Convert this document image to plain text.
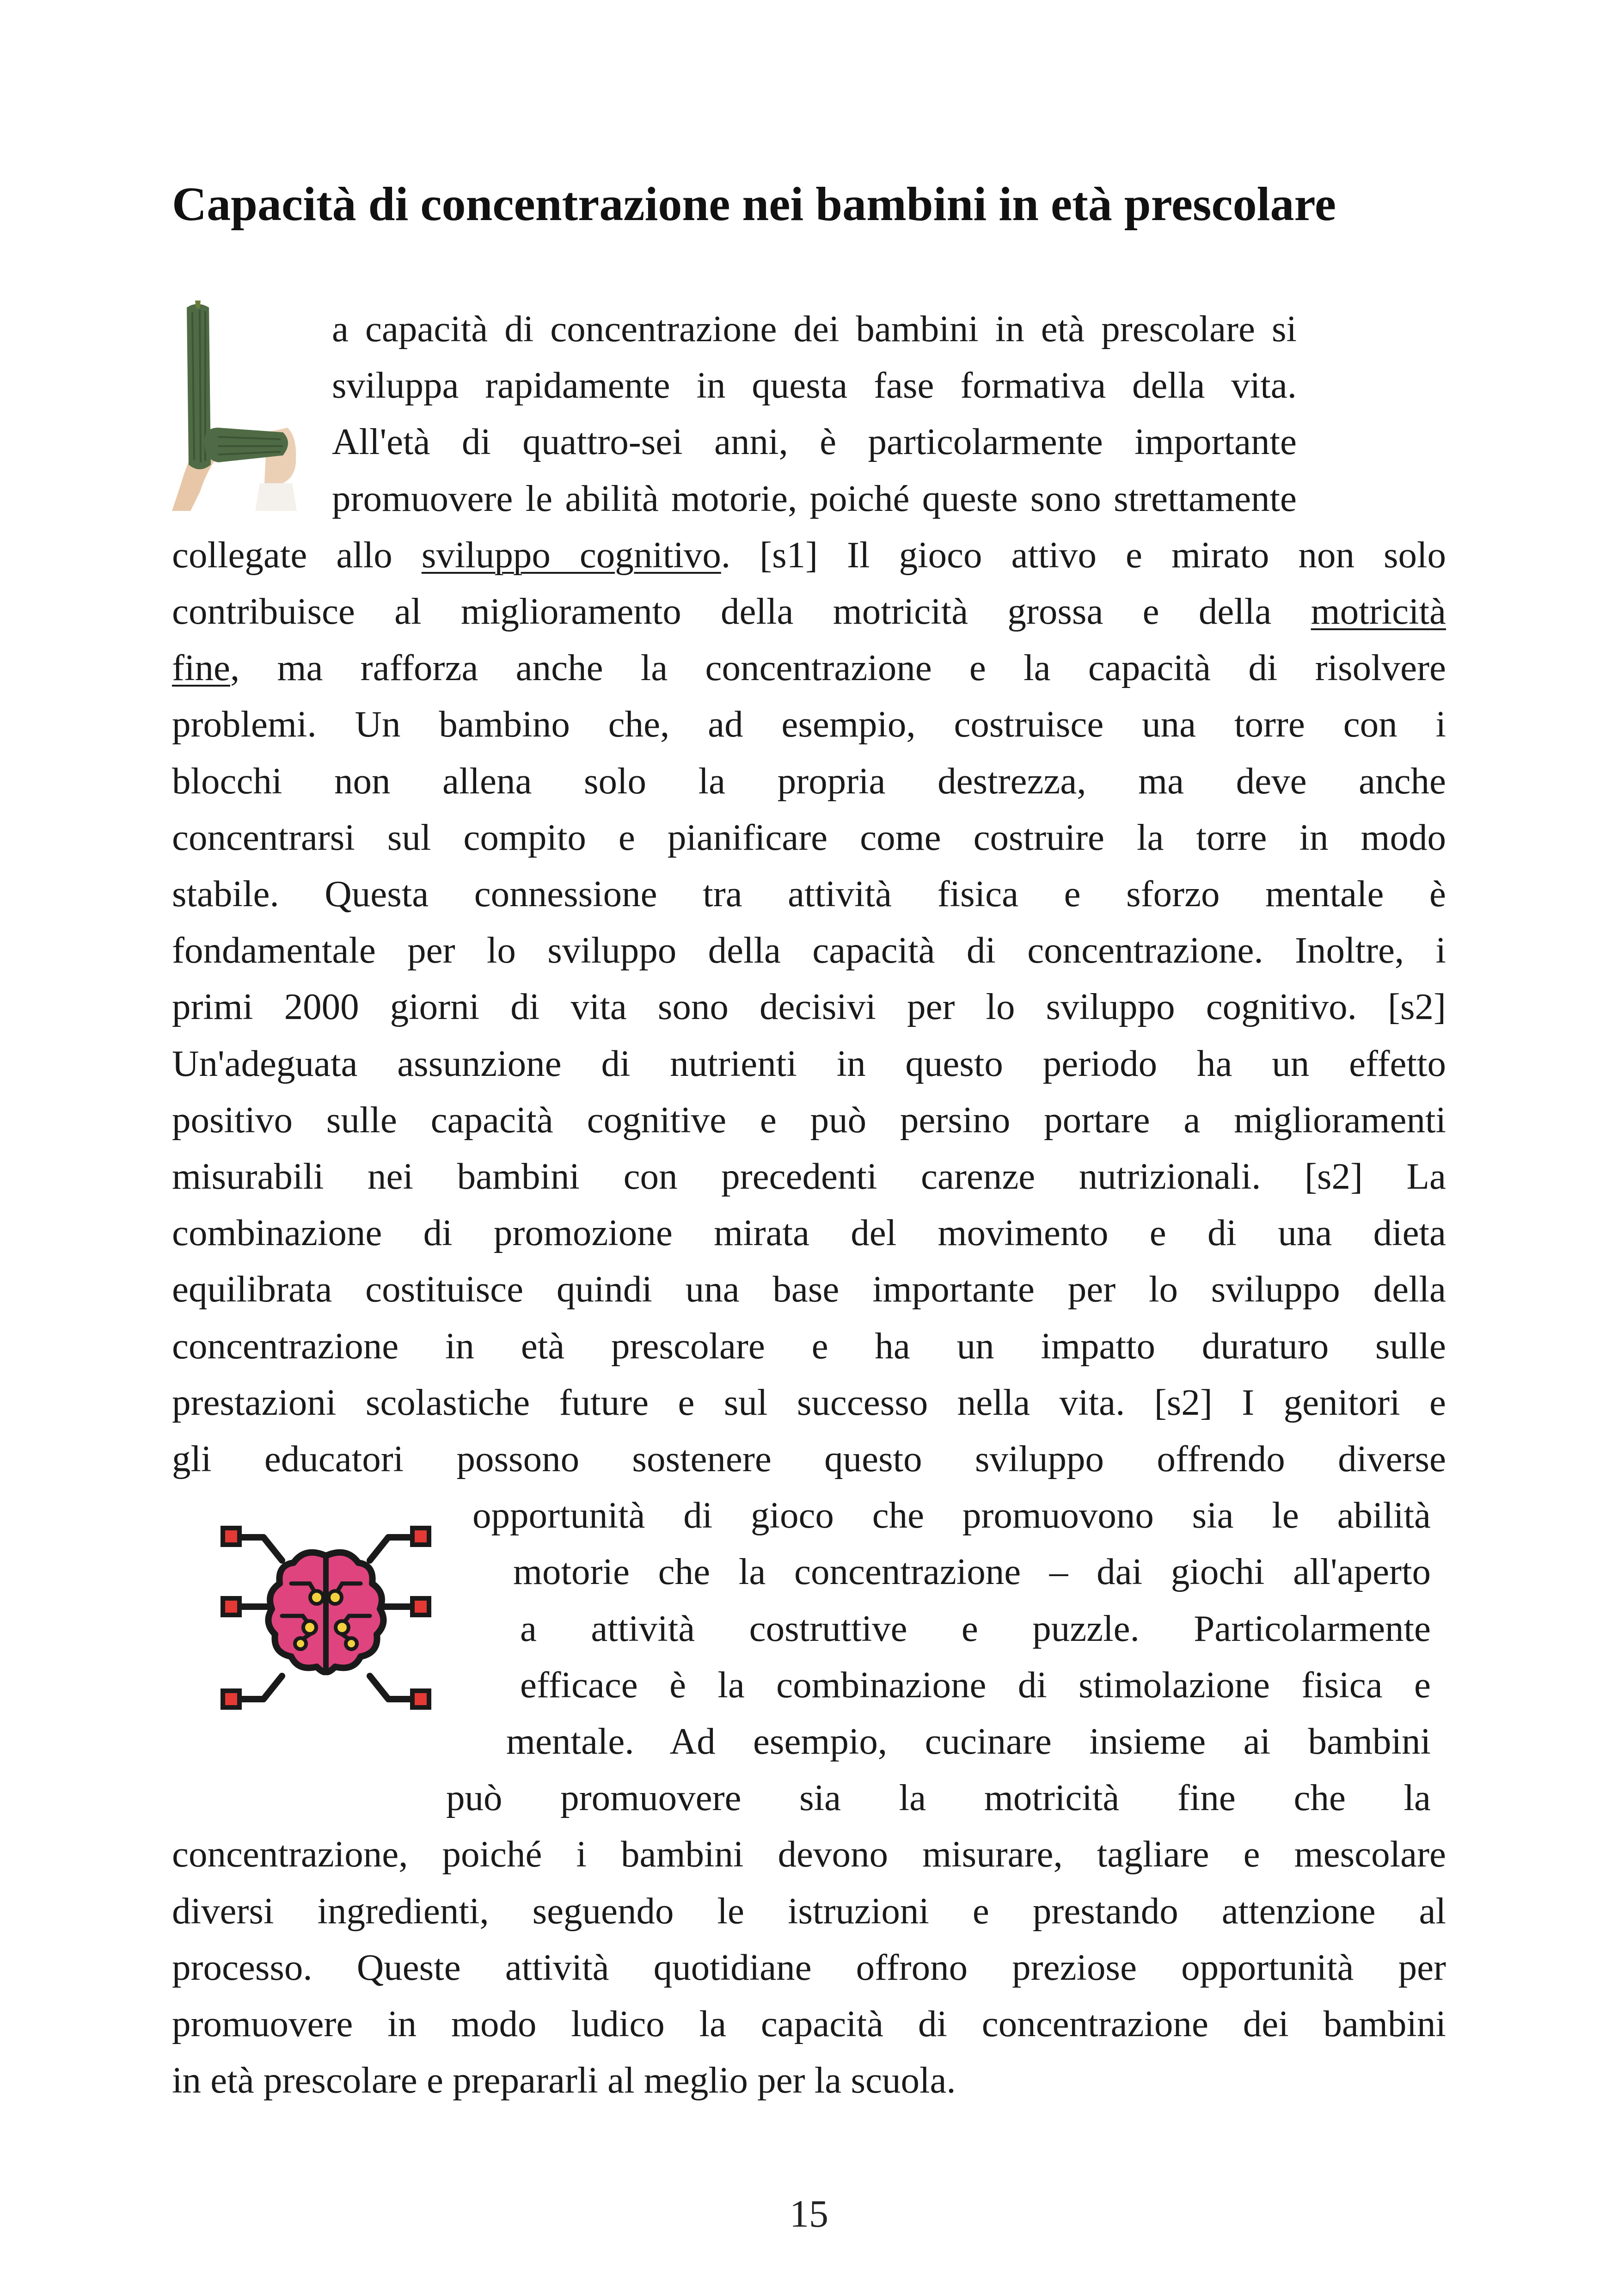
Capacità di concentrazione nei bambini in età prescolare
a capacità di concentrazione dei bambini in età prescolare si
sviluppa rapidamente in questa fase formativa della vita.
All'età di quattro-sei anni, è particolarmente importante
promuovere le abilità motorie, poiché queste sono strettamente
collegate allo sviluppo cognitivo. [s1] Il gioco attivo e mirato non solo
contribuisce al miglioramento della motricità grossa e della motricità
fine, ma rafforza anche la concentrazione e la capacità di risolvere
problemi. Un bambino che, ad esempio, costruisce una torre con i
blocchi non allena solo la propria destrezza, ma deve anche
concentrarsi sul compito e pianificare come costruire la torre in modo
stabile. Questa connessione tra attività fisica e sforzo mentale è
fondamentale per lo sviluppo della capacità di concentrazione. Inoltre, i
primi 2000 giorni di vita sono decisivi per lo sviluppo cognitivo. [s2]
Un'adeguata assunzione di nutrienti in questo periodo ha un effetto
positivo sulle capacità cognitive e può persino portare a miglioramenti
misurabili nei bambini con precedenti carenze nutrizionali. [s2] La
combinazione di promozione mirata del movimento e di una dieta
equilibrata costituisce quindi una base importante per lo sviluppo della
concentrazione in età prescolare e ha un impatto duraturo sulle
prestazioni scolastiche future e sul successo nella vita. [s2] I genitori e
gli educatori possono sostenere questo sviluppo offrendo diverse
opportunità di gioco che promuovono sia le abilità
motorie che la concentrazione – dai giochi all'aperto
a attività costruttive e puzzle. Particolarmente
efficace è la combinazione di stimolazione fisica e
mentale. Ad esempio, cucinare insieme ai bambini
può promuovere sia la motricità fine che la
concentrazione, poiché i bambini devono misurare, tagliare e mescolare
diversi ingredienti, seguendo le istruzioni e prestando attenzione al
processo. Queste attività quotidiane offrono preziose opportunità per
promuovere in modo ludico la capacità di concentrazione dei bambini
in età prescolare e prepararli al meglio per la scuola.
15
